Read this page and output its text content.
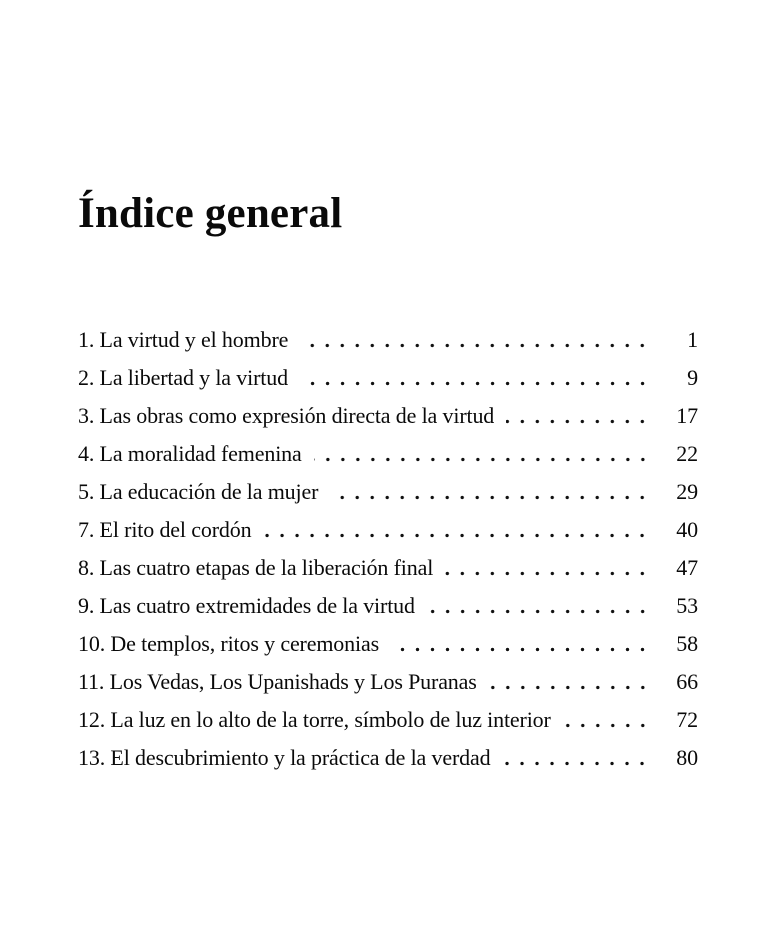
Índice general
1. La virtud y el hombre	1
2. La libertad y la virtud	9
3. Las obras como expresión directa de la virtud	17
4. La moralidad femenina	22
5. La educación de la mujer	29
7. El rito del cordón	40
8. Las cuatro etapas de la liberación final	47
9. Las cuatro extremidades de la virtud	53
10. De templos, ritos y ceremonias	58
11. Los Vedas, Los Upanishads y Los Puranas	66
12. La luz en lo alto de la torre, símbolo de luz interior	72
13. El descubrimiento y la práctica de la verdad	80
